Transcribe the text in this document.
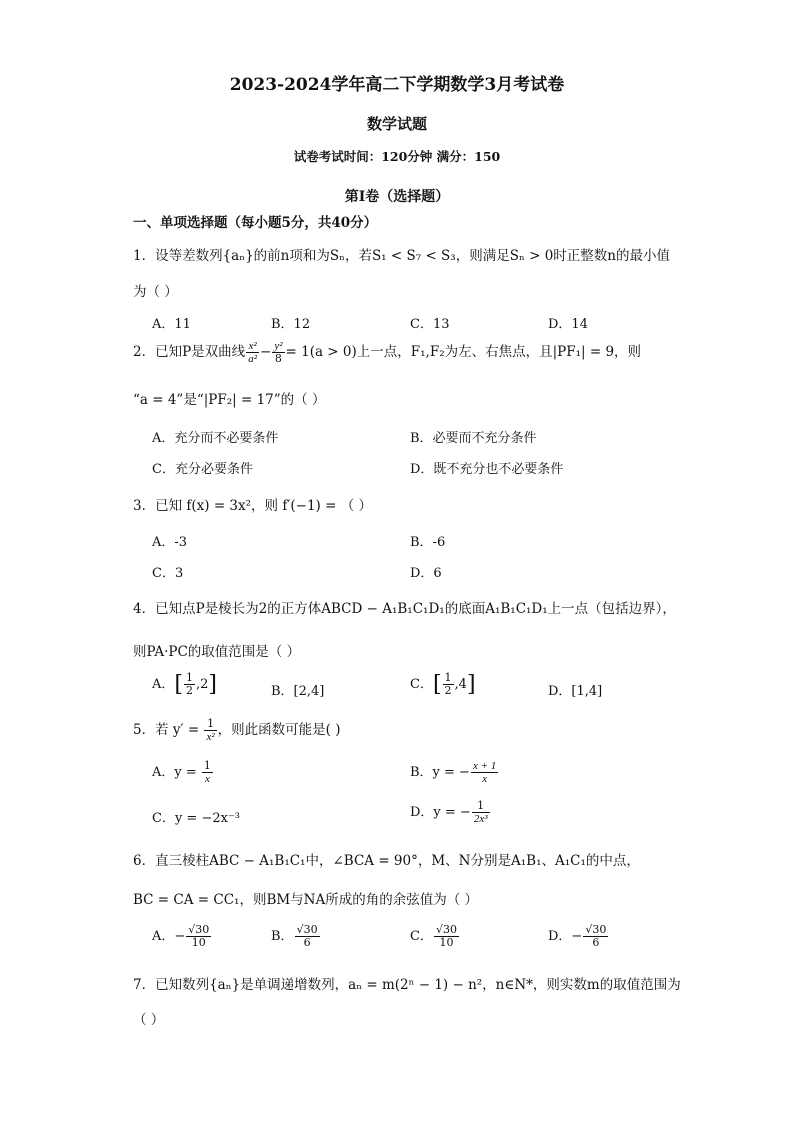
2023-2024学年高二下学期数学3月考试卷
数学试题
试卷考试时间：120分钟 满分：150
第I卷（选择题）
一、单项选择题（每小题5分，共40分）
1．设等差数列{aₙ}的前n项和为Sₙ，若S₁ < S₇ < S₃，则满足Sₙ > 0时正整数n的最小值
为（ ）
A．11	B．12	C．13	D．14
2．已知P是双曲线 $\frac{\text{x²}}{\text{a²}} - \frac{\text{y²}}{8} = 1(a > 0)$上一点，F₁,F₂为左、右焦点，且|PF₁| = 9，则
“a = 4”是“|PF₂| = 17”的（ ）
A．充分而不必要条件	B．必要而不充分条件
C．充分必要条件	D．既不充分也不必要条件
3．已知 f(x) = 3x²，则 f′(−1) = （ ）
A．-3	B．-6
C．3	D．6
4．已知点P是棱长为2的正方体ABCD − A₁B₁C₁D₁的底面A₁B₁C₁D₁上一点（包括边界），
则PA·PC的取值范围是（ ）
A．[ $\frac{1}{2} ,2$]	B．[2,4]	C．[ $\frac{1}{2} ,4$]	D．[1,4]
5．若 $y' = \frac{1}{\text{x²}}$ ，则此函数可能是( )
A．$y = \frac{1}{x}$	B．y = − $\frac{x + 1}{x}$
C．y = −2x⁻³	D．y = − $\frac{1}{\text{2x³}}$
6．直三棱柱ABC − A₁B₁C₁中，∠BCA = 90°，M、N分别是A₁B₁、A₁C₁的中点，
BC = CA = CC₁，则BM与NA所成的角的余弦值为（ ）
A．− $\frac{√30}{10}$	B． $\frac{√30}{6}$	C． $\frac{√30}{10}$	D．− $\frac{√30}{6}$
7．已知数列{aₙ}是单调递增数列，aₙ = m(2ⁿ − 1) − n²，n∈N*，则实数m的取值范围为
（ ）
